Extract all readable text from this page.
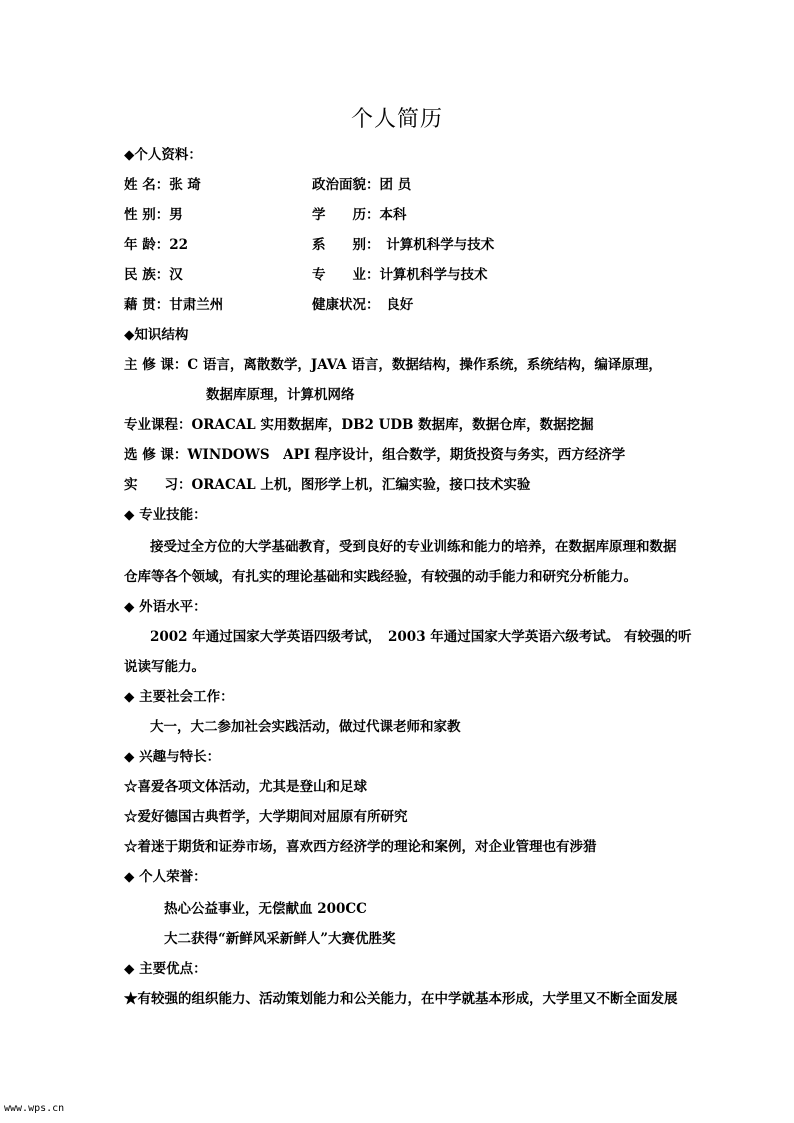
个人简历
◆个人资料：
姓 名：张 琦	政治面貌：团 员
性 别：男	学　　历：本科
年 龄：22	系　　别：　计算机科学与技术
民 族：汉	专　　业：计算机科学与技术
藉 贯：甘肃兰州	健康状况：　良好
◆知识结构
主 修 课：C 语言，离散数学，JAVA 语言，数据结构，操作系统，系统结构，编译原理，
数据库原理，计算机网络
专业课程：ORACAL 实用数据库，DB2 UDB 数据库，数据仓库，数据挖掘
选 修 课：WINDOWS　API 程序设计，组合数学，期货投资与务实，西方经济学
实　　习：ORACAL 上机，图形学上机，汇编实验，接口技术实验
◆ 专业技能：
接受过全方位的大学基础教育，受到良好的专业训练和能力的培养，在数据库原理和数据
仓库等各个领域，有扎实的理论基础和实践经验，有较强的动手能力和研究分析能力。
◆ 外语水平：
2002 年通过国家大学英语四级考试，　2003 年通过国家大学英语六级考试。 有较强的听
说读写能力。
◆ 主要社会工作：
大一，大二参加社会实践活动，做过代课老师和家教
◆ 兴趣与特长：
☆喜爱各项文体活动，尤其是登山和足球
☆爱好德国古典哲学，大学期间对屈原有所研究
☆着迷于期货和证券市场，喜欢西方经济学的理论和案例，对企业管理也有涉猎
◆ 个人荣誉：
热心公益事业，无偿献血 200CC
大二获得“新鲜风采新鲜人”大赛优胜奖
◆ 主要优点：
★有较强的组织能力、活动策划能力和公关能力，在中学就基本形成，大学里又不断全面发展
www.wps.cn
